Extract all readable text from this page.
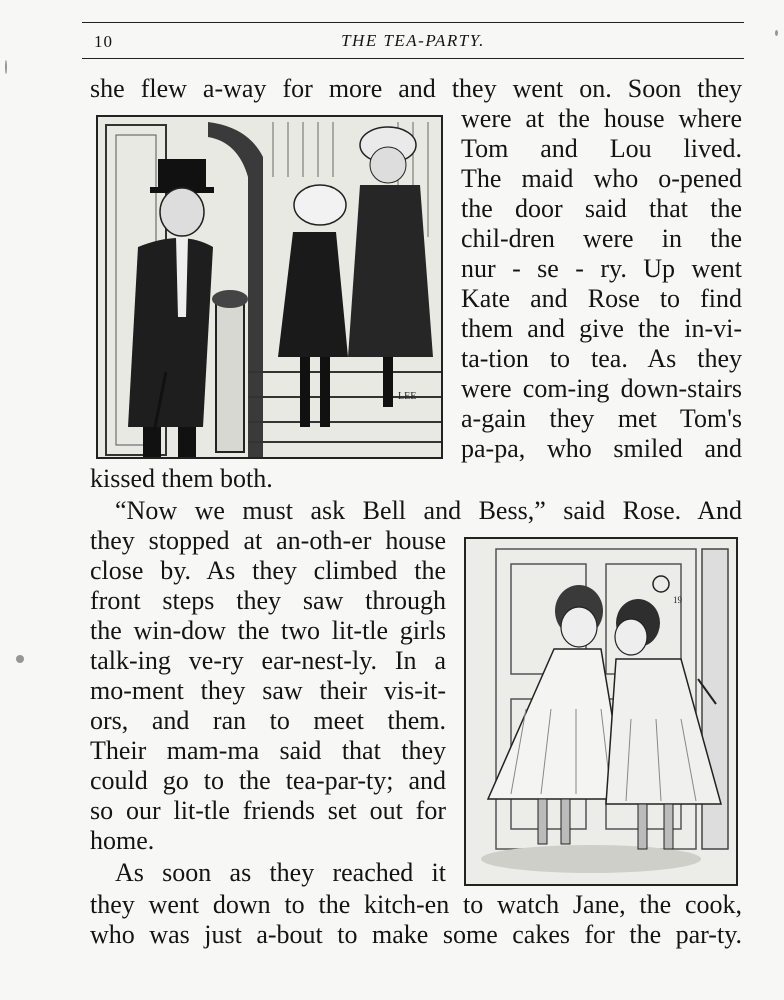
10	THE TEA-PARTY.
LEE
19
she flew a-way for more and they went on. Soon they
were at the house where
Tom and Lou lived.
The maid who o-pened
the door said that the
chil-dren were in the
nur - se - ry. Up went
Kate and Rose to find
them and give the in-vi-
ta-tion to tea. As they
were com-ing down-stairs
a-gain they met Tom's
pa-pa, who smiled and
kissed them both.
“Now we must ask Bell and Bess,” said Rose. And
they stopped at an-oth-er house
close by. As they climbed the
front steps they saw through
the win-dow the two lit-tle girls
talk-ing ve-ry ear-nest-ly. In a
mo-ment they saw their vis-it-
ors, and ran to meet them.
Their mam-ma said that they
could go to the tea-par-ty; and
so our lit-tle friends set out for
home.
As soon as they reached it
they went down to the kitch-en to watch Jane, the cook,
who was just a-bout to make some cakes for the par-ty.
